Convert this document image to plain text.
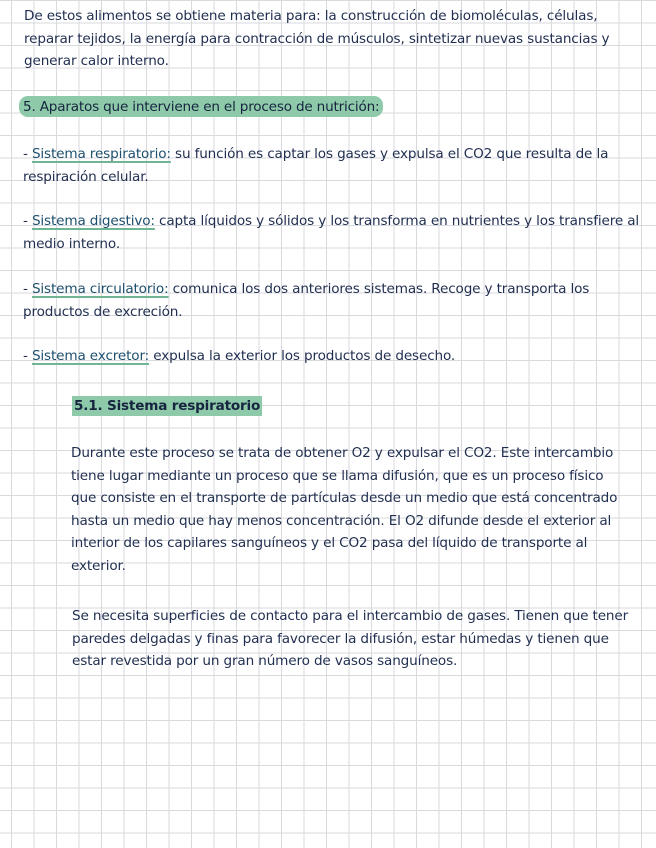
De estos alimentos se obtiene materia para: la construcción de biomoléculas, células, reparar tejidos, la energía para contracción de músculos, sintetizar nuevas sustancias y generar calor interno.

5. Aparatos que interviene en el proceso de nutrición:

- Sistema respiratorio: su función es captar los gases y expulsa el CO2 que resulta de la respiración celular.

- Sistema digestivo: capta líquidos y sólidos y los transforma en nutrientes y los transfiere al medio interno.

- Sistema circulatorio: comunica los dos anteriores sistemas. Recoge y transporta los productos de excreción.

- Sistema excretor: expulsa la exterior los productos de desecho.

5.1. Sistema respiratorio

Durante este proceso se trata de obtener O2 y expulsar el CO2. Este intercambio tiene lugar mediante un proceso que se llama difusión, que es un proceso físico que consiste en el transporte de partículas desde un medio que está concentrado hasta un medio que hay menos concentración. El O2 difunde desde el exterior al interior de los capilares sanguíneos y el CO2 pasa del líquido de transporte al exterior.

Se necesita superficies de contacto para el intercambio de gases. Tienen que tener paredes delgadas y finas para favorecer la difusión, estar húmedas y tienen que estar revestida por un gran número de vasos sanguíneos.
